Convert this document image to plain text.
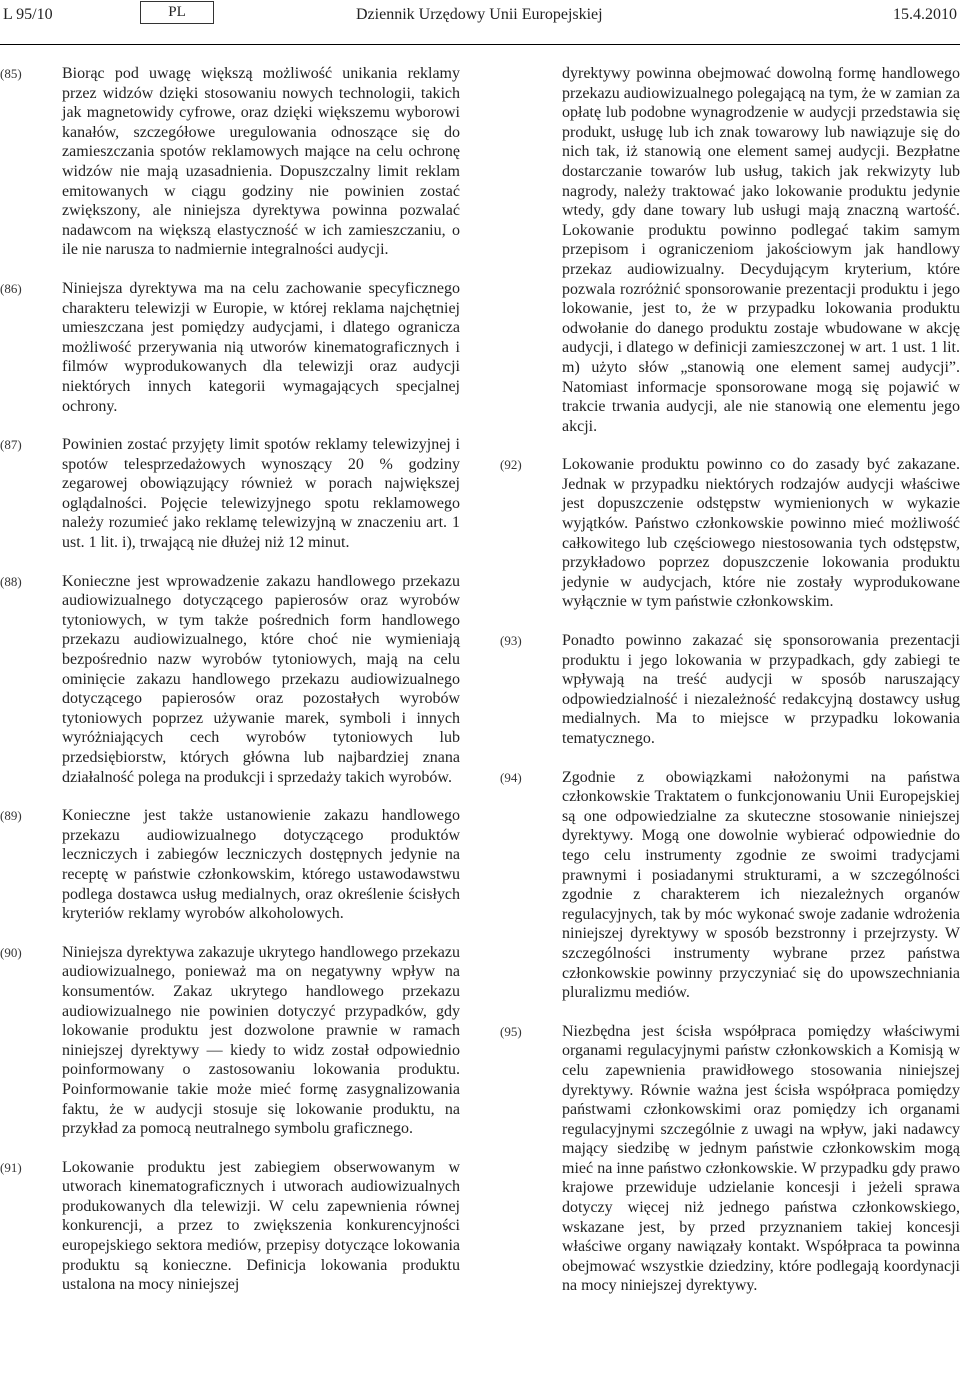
L 95/10	PL	Dziennik Urzędowy Unii Europejskiej	15.4.2010
(85)	Biorąc pod uwagę większą możliwość unikania reklamy przez widzów dzięki stosowaniu nowych technologii, takich jak magnetowidy cyfrowe, oraz dzięki większemu wyborowi kanałów, szczegółowe uregulowania odnoszące się do zamieszczania spotów reklamowych mające na celu ochronę widzów nie mają uzasadnienia. Dopuszczalny limit reklam emitowanych w ciągu godziny nie powinien zostać zwiększony, ale niniejsza dyrektywa powinna pozwalać nadawcom na większą elastyczność w ich zamieszczaniu, o ile nie narusza to nadmiernie integralności audycji.
(86)	Niniejsza dyrektywa ma na celu zachowanie specyficznego charakteru telewizji w Europie, w której reklama najchętniej umieszczana jest pomiędzy audycjami, i dlatego ogranicza możliwość przerywania nią utworów kinematograficznych i filmów wyprodukowanych dla telewizji oraz audycji niektórych innych kategorii wymagających specjalnej ochrony.
(87)	Powinien zostać przyjęty limit spotów reklamy telewizyjnej i spotów telesprzedażowych wynoszący 20 % godziny zegarowej obowiązujący również w porach największej oglądalności. Pojęcie telewizyjnego spotu reklamowego należy rozumieć jako reklamę telewizyjną w znaczeniu art. 1 ust. 1 lit. i), trwającą nie dłużej niż 12 minut.
(88)	Konieczne jest wprowadzenie zakazu handlowego przekazu audiowizualnego dotyczącego papierosów oraz wyrobów tytoniowych, w tym także pośrednich form handlowego przekazu audiowizualnego, które choć nie wymieniają bezpośrednio nazw wyrobów tytoniowych, mają na celu ominięcie zakazu handlowego przekazu audiowizualnego dotyczącego papierosów oraz pozostałych wyrobów tytoniowych poprzez używanie marek, symboli i innych wyróżniających cech wyrobów tytoniowych lub przedsiębiorstw, których główna lub najbardziej znana działalność polega na produkcji i sprzedaży takich wyrobów.
(89)	Konieczne jest także ustanowienie zakazu handlowego przekazu audiowizualnego dotyczącego produktów leczniczych i zabiegów leczniczych dostępnych jedynie na receptę w państwie członkowskim, którego ustawodawstwu podlega dostawca usług medialnych, oraz określenie ścisłych kryteriów reklamy wyrobów alkoholowych.
(90)	Niniejsza dyrektywa zakazuje ukrytego handlowego przekazu audiowizualnego, ponieważ ma on negatywny wpływ na konsumentów. Zakaz ukrytego handlowego przekazu audiowizualnego nie powinien dotyczyć przypadków, gdy lokowanie produktu jest dozwolone prawnie w ramach niniejszej dyrektywy — kiedy to widz został odpowiednio poinformowany o zastosowaniu lokowania produktu. Poinformowanie takie może mieć formę zasygnalizowania faktu, że w audycji stosuje się lokowanie produktu, na przykład za pomocą neutralnego symbolu graficznego.
(91)	Lokowanie produktu jest zabiegiem obserwowanym w utworach kinematograficznych i utworach audiowizualnych produkowanych dla telewizji. W celu zapewnienia równej konkurencji, a przez to zwiększenia konkurencyjności europejskiego sektora mediów, przepisy dotyczące lokowania produktu są konieczne. Definicja lokowania produktu ustalona na mocy niniejszej
dyrektywy powinna obejmować dowolną formę handlowego przekazu audiowizualnego polegającą na tym, że w zamian za opłatę lub podobne wynagrodzenie w audycji przedstawia się produkt, usługę lub ich znak towarowy lub nawiązuje się do nich tak, iż stanowią one element samej audycji. Bezpłatne dostarczanie towarów lub usług, takich jak rekwizyty lub nagrody, należy traktować jako lokowanie produktu jedynie wtedy, gdy dane towary lub usługi mają znaczną wartość. Lokowanie produktu powinno podlegać takim samym przepisom i ograniczeniom jakościowym jak handlowy przekaz audiowizualny. Decydującym kryterium, które pozwala rozróżnić sponsorowanie prezentacji produktu i jego lokowanie, jest to, że w przypadku lokowania produktu odwołanie do danego produktu zostaje wbudowane w akcję audycji, i dlatego w definicji zamieszczonej w art. 1 ust. 1 lit. m) użyto słów „stanowią one element samej audycji”. Natomiast informacje sponsorowane mogą się pojawić w trakcie trwania audycji, ale nie stanowią one elementu jego akcji.
(92)	Lokowanie produktu powinno co do zasady być zakazane. Jednak w przypadku niektórych rodzajów audycji właściwe jest dopuszczenie odstępstw wymienionych w wykazie wyjątków. Państwo członkowskie powinno mieć możliwość całkowitego lub częściowego niestosowania tych odstępstw, przykładowo poprzez dopuszczenie lokowania produktu jedynie w audycjach, które nie zostały wyprodukowane wyłącznie w tym państwie członkowskim.
(93)	Ponadto powinno zakazać się sponsorowania prezentacji produktu i jego lokowania w przypadkach, gdy zabiegi te wpływają na treść audycji w sposób naruszający odpowiedzialność i niezależność redakcyjną dostawcy usług medialnych. Ma to miejsce w przypadku lokowania tematycznego.
(94)	Zgodnie z obowiązkami nałożonymi na państwa członkowskie Traktatem o funkcjonowaniu Unii Europejskiej są one odpowiedzialne za skuteczne stosowanie niniejszej dyrektywy. Mogą one dowolnie wybierać odpowiednie do tego celu instrumenty zgodnie ze swoimi tradycjami prawnymi i posiadanymi strukturami, a w szczególności zgodnie z charakterem ich niezależnych organów regulacyjnych, tak by móc wykonać swoje zadanie wdrożenia niniejszej dyrektywy w sposób bezstronny i przejrzysty. W szczególności instrumenty wybrane przez państwa członkowskie powinny przyczyniać się do upowszechniania pluralizmu mediów.
(95)	Niezbędna jest ścisła współpraca pomiędzy właściwymi organami regulacyjnymi państw członkowskich a Komisją w celu zapewnienia prawidłowego stosowania niniejszej dyrektywy. Równie ważna jest ścisła współpraca pomiędzy państwami członkowskimi oraz pomiędzy ich organami regulacyjnymi szczególnie z uwagi na wpływ, jaki nadawcy mający siedzibę w jednym państwie członkowskim mogą mieć na inne państwo członkowskie. W przypadku gdy prawo krajowe przewiduje udzielanie koncesji i jeżeli sprawa dotyczy więcej niż jednego państwa członkowskiego, wskazane jest, by przed przyznaniem takiej koncesji właściwe organy nawiązały kontakt. Współpraca ta powinna obejmować wszystkie dziedziny, które podlegają koordynacji na mocy niniejszej dyrektywy.
